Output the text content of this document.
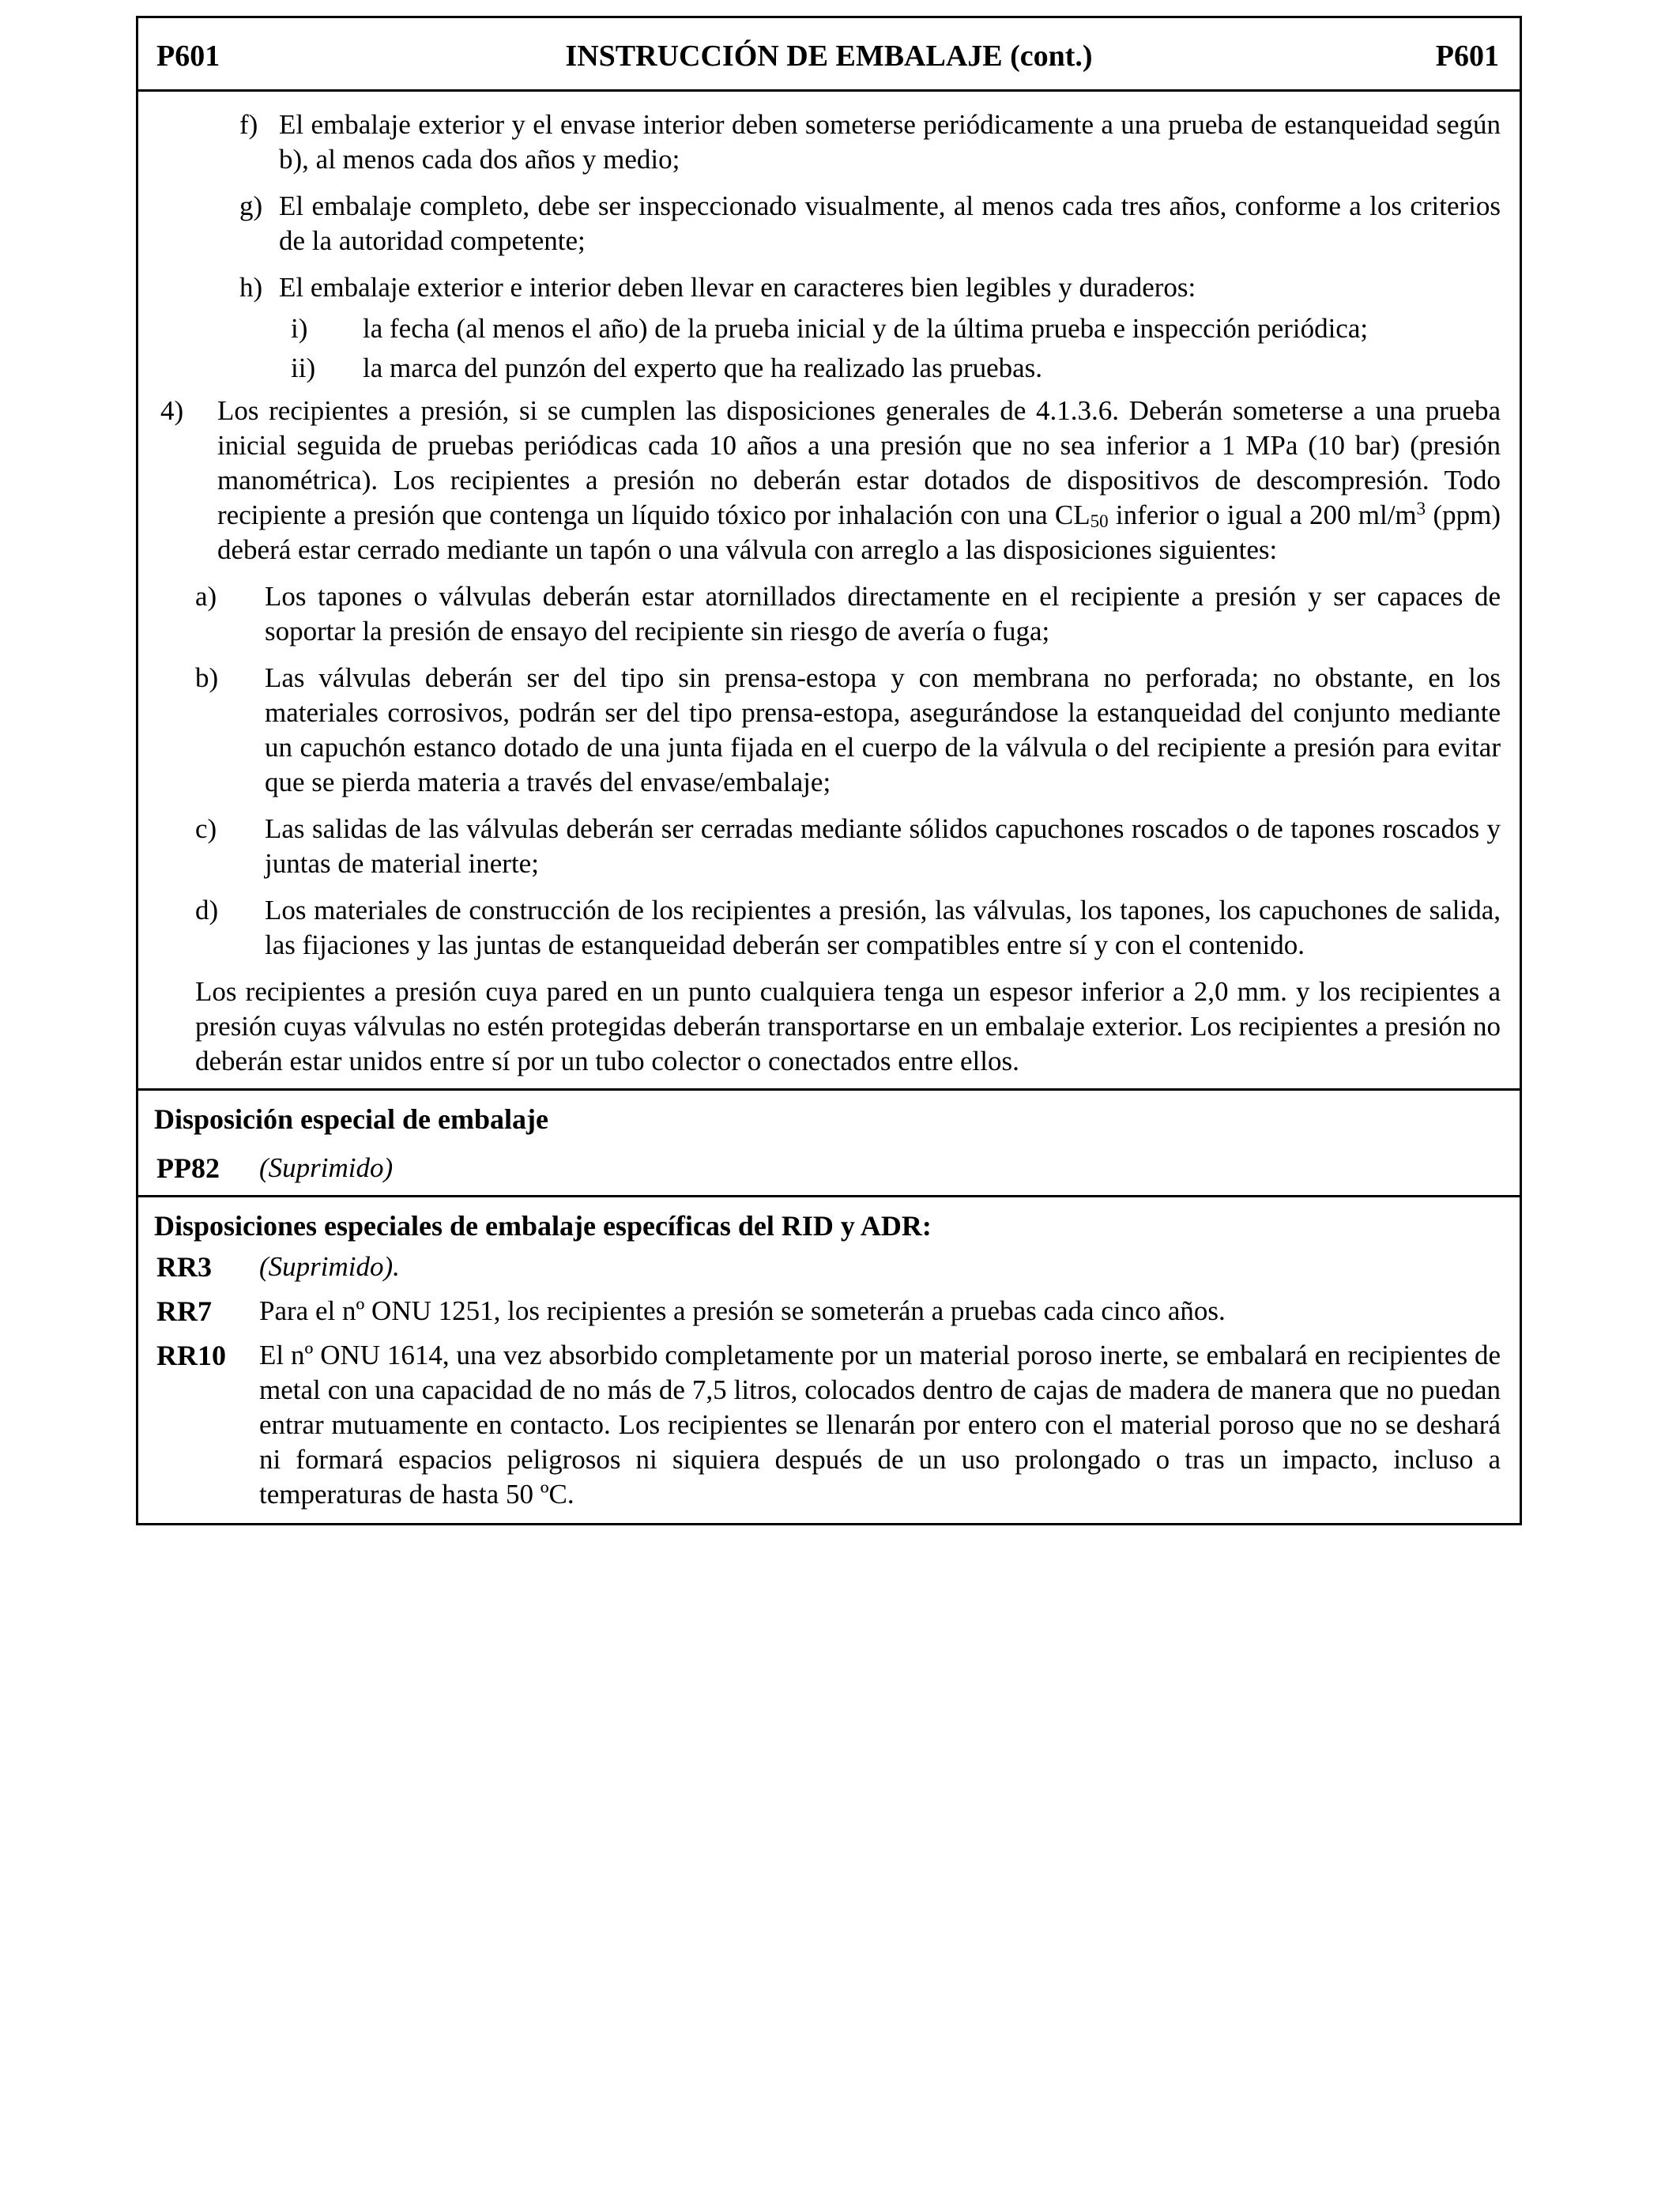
P601	INSTRUCCIÓN DE EMBALAJE (cont.)	P601
f) El embalaje exterior y el envase interior deben someterse periódicamente a una prueba de estanqueidad según b), al menos cada dos años y medio;
g) El embalaje completo, debe ser inspeccionado visualmente, al menos cada tres años, conforme a los criterios de la autoridad competente;
h) El embalaje exterior e interior deben llevar en caracteres bien legibles y duraderos:
i) la fecha (al menos el año) de la prueba inicial y de la última prueba e inspección periódica;
ii) la marca del punzón del experto que ha realizado las pruebas.
4) Los recipientes a presión, si se cumplen las disposiciones generales de 4.1.3.6. Deberán someterse a una prueba inicial seguida de pruebas periódicas cada 10 años a una presión que no sea inferior a 1 MPa (10 bar) (presión manométrica). Los recipientes a presión no deberán estar dotados de dispositivos de descompresión. Todo recipiente a presión que contenga un líquido tóxico por inhalación con una $CL_{50}$ inferior o igual a 200 $ml/m^3$ (ppm) deberá estar cerrado mediante un tapón o una válvula con arreglo a las disposiciones siguientes:
a) Los tapones o válvulas deberán estar atornillados directamente en el recipiente a presión y ser capaces de soportar la presión de ensayo del recipiente sin riesgo de avería o fuga;
b) Las válvulas deberán ser del tipo sin prensa-estopa y con membrana no perforada; no obstante, en los materiales corrosivos, podrán ser del tipo prensa-estopa, asegurándose la estanqueidad del conjunto mediante un capuchón estanco dotado de una junta fijada en el cuerpo de la válvula o del recipiente a presión para evitar que se pierda materia a través del envase/embalaje;
c) Las salidas de las válvulas deberán ser cerradas mediante sólidos capuchones roscados o de tapones roscados y juntas de material inerte;
d) Los materiales de construcción de los recipientes a presión, las válvulas, los tapones, los capuchones de salida, las fijaciones y las juntas de estanqueidad deberán ser compatibles entre sí y con el contenido.
Los recipientes a presión cuya pared en un punto cualquiera tenga un espesor inferior a 2,0 mm. y los recipientes a presión cuyas válvulas no estén protegidas deberán transportarse en un embalaje exterior. Los recipientes a presión no deberán estar unidos entre sí por un tubo colector o conectados entre ellos.
Disposición especial de embalaje
PP82 (Suprimido)
Disposiciones especiales de embalaje específicas del RID y ADR:
RR3 (Suprimido).
RR7 Para el nº ONU 1251, los recipientes a presión se someterán a pruebas cada cinco años.
RR10 El nº ONU 1614, una vez absorbido completamente por un material poroso inerte, se embalará en recipientes de metal con una capacidad de no más de 7,5 litros, colocados dentro de cajas de madera de manera que no puedan entrar mutuamente en contacto. Los recipientes se llenarán por entero con el material poroso que no se deshará ni formará espacios peligrosos ni siquiera después de un uso prolongado o tras un impacto, incluso a temperaturas de hasta 50 ºC.
